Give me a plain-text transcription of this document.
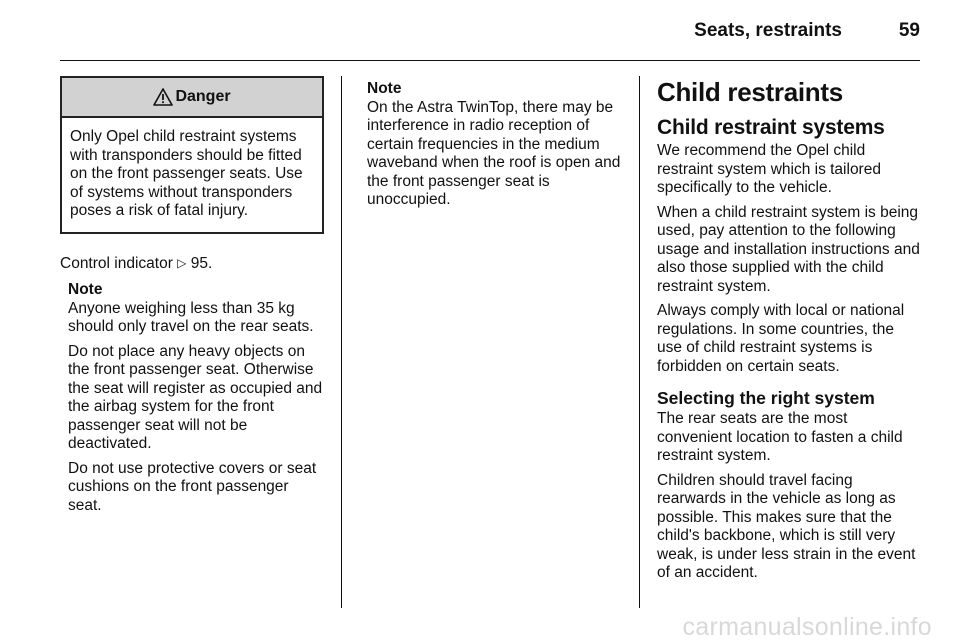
Seats, restraints	59
Danger
Only Opel child restraint systems with transponders should be fitted on the front passenger seats. Use of systems without transponders poses a risk of fatal injury.

Control indicator ▷ 95.

Note

Anyone weighing less than 35 kg should only travel on the rear seats.

Do not place any heavy objects on the front passenger seat. Otherwise the seat will register as occupied and the airbag system for the front passenger seat will not be deactivated.

Do not use protective covers or seat cushions on the front passenger seat.

Note

On the Astra TwinTop, there may be interference in radio reception of certain frequencies in the medium waveband when the roof is open and the front passenger seat is unoccupied.

Child restraints
Child restraint systems

We recommend the Opel child restraint system which is tailored specifically to the vehicle.

When a child restraint system is being used, pay attention to the following usage and installation instructions and also those supplied with the child restraint system.

Always comply with local or national regulations. In some countries, the use of child restraint systems is forbidden on certain seats.

Selecting the right system

The rear seats are the most convenient location to fasten a child restraint system.

Children should travel facing rearwards in the vehicle as long as possible. This makes sure that the child's backbone, which is still very weak, is under less strain in the event of an accident.

carmanualsonline.info
